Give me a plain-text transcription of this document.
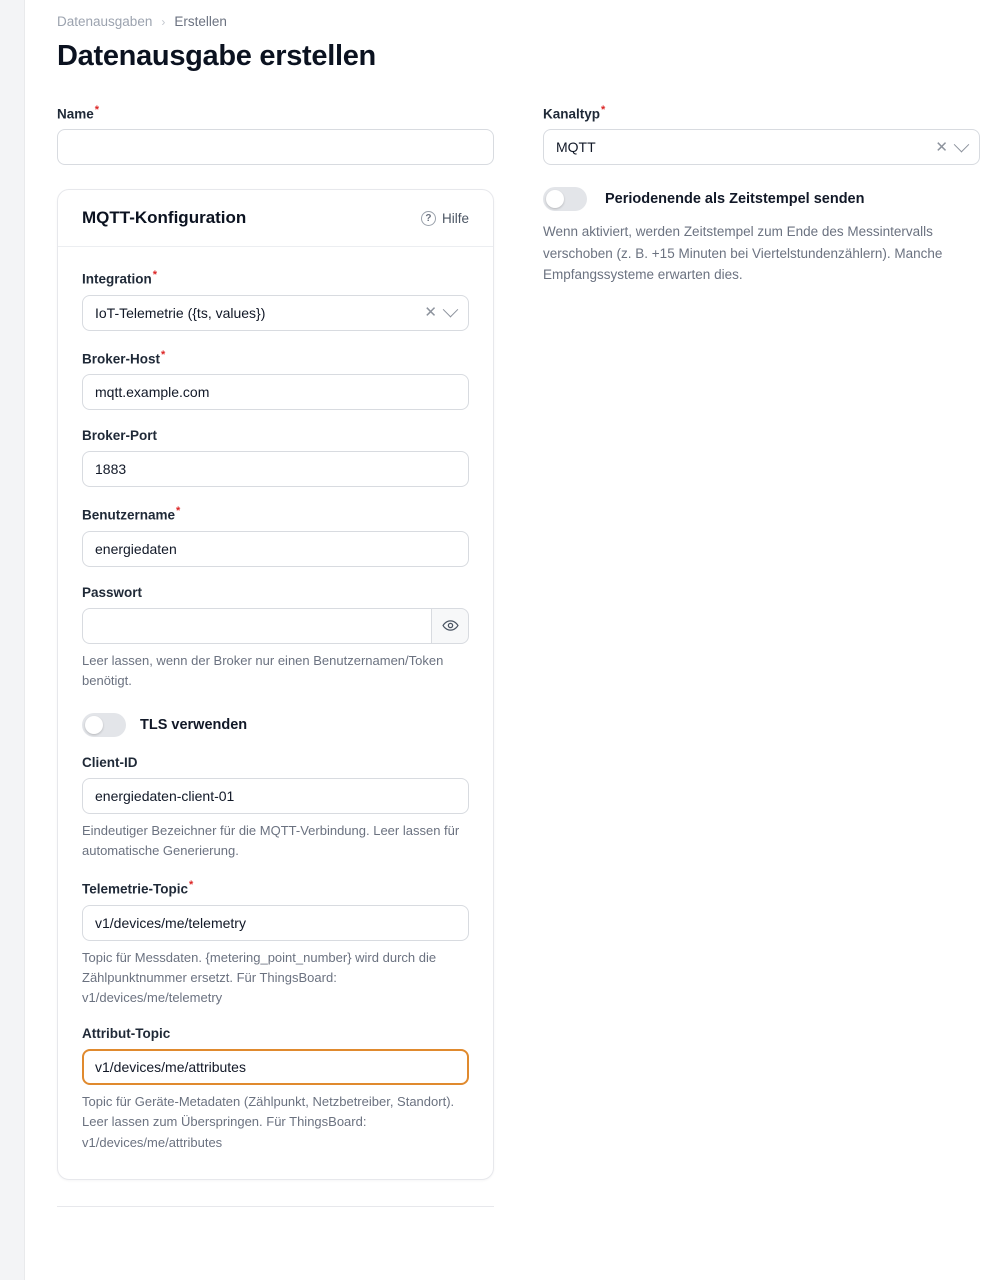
Datenausgaben › Erstellen
Datenausgabe erstellen
Name*
MQTT-Konfiguration	? Hilfe
Integration*
IoT-Telemetrie ({ts, values})	✕
Broker-Host*
mqtt.example.com
Broker-Port
1883
Benutzername*
energiedaten
Passwort
Leer lassen, wenn der Broker nur einen Benutzernamen/Token benötigt.
TLS verwenden
Client-ID
energiedaten-client-01
Eindeutiger Bezeichner für die MQTT-Verbindung. Leer lassen für automatische Generierung.
Telemetrie-Topic*
v1/devices/me/telemetry
Topic für Messdaten. {metering_point_number} wird durch die Zählpunktnummer ersetzt. Für ThingsBoard: v1/devices/me/telemetry
Attribut-Topic
v1/devices/me/attributes
Topic für Geräte-Metadaten (Zählpunkt, Netzbetreiber, Standort). Leer lassen zum Überspringen. Für ThingsBoard: v1/devices/me/attributes
Kanaltyp*
MQTT	✕
Periodenende als Zeitstempel senden
Wenn aktiviert, werden Zeitstempel zum Ende des Messintervalls verschoben (z. B. +15 Minuten bei Viertelstundenzählern). Manche Empfangssysteme erwarten dies.
